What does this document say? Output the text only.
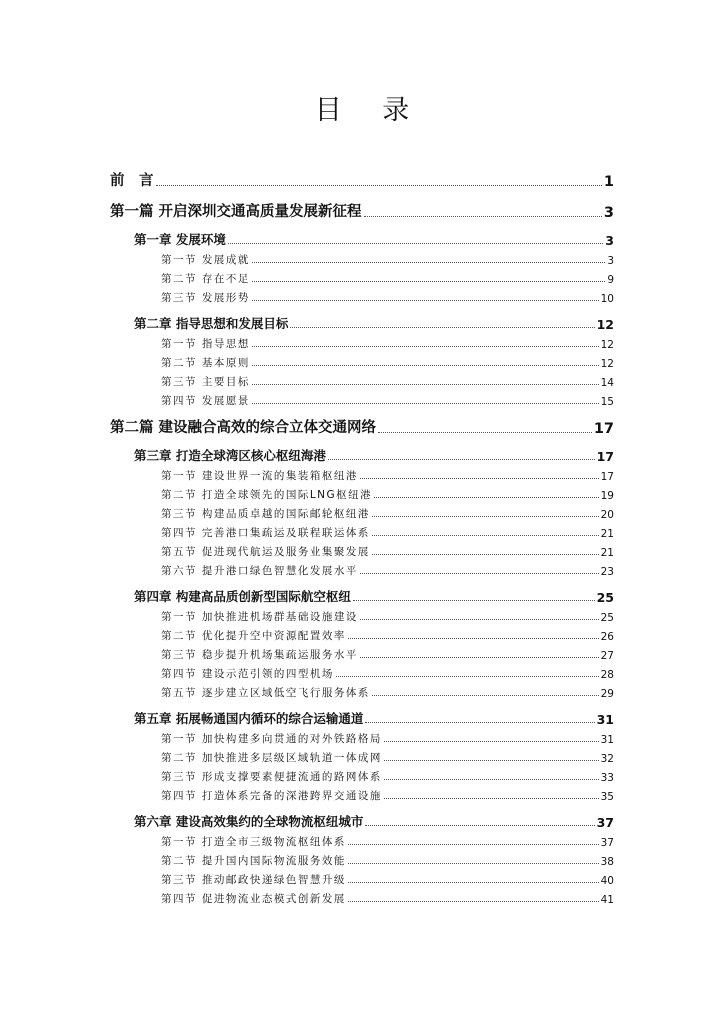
目 录
前　言	1
第一篇 开启深圳交通高质量发展新征程	3
第一章 发展环境	3
第一节 发展成就	3
第二节 存在不足	9
第三节 发展形势	10
第二章 指导思想和发展目标	12
第一节 指导思想	12
第二节 基本原则	12
第三节 主要目标	14
第四节 发展愿景	15
第二篇 建设融合高效的综合立体交通网络	17
第三章 打造全球湾区核心枢纽海港	17
第一节 建设世界一流的集装箱枢纽港	17
第二节 打造全球领先的国际LNG枢纽港	19
第三节 构建品质卓越的国际邮轮枢纽港	20
第四节 完善港口集疏运及联程联运体系	21
第五节 促进现代航运及服务业集聚发展	21
第六节 提升港口绿色智慧化发展水平	23
第四章 构建高品质创新型国际航空枢纽	25
第一节 加快推进机场群基础设施建设	25
第二节 优化提升空中资源配置效率	26
第三节 稳步提升机场集疏运服务水平	27
第四节 建设示范引领的四型机场	28
第五节 逐步建立区域低空飞行服务体系	29
第五章 拓展畅通国内循环的综合运输通道	31
第一节 加快构建多向贯通的对外铁路格局	31
第二节 加快推进多层级区域轨道一体成网	32
第三节 形成支撑要素便捷流通的路网体系	33
第四节 打造体系完备的深港跨界交通设施	35
第六章 建设高效集约的全球物流枢纽城市	37
第一节 打造全市三级物流枢纽体系	37
第二节 提升国内国际物流服务效能	38
第三节 推动邮政快递绿色智慧升级	40
第四节 促进物流业态模式创新发展	41
